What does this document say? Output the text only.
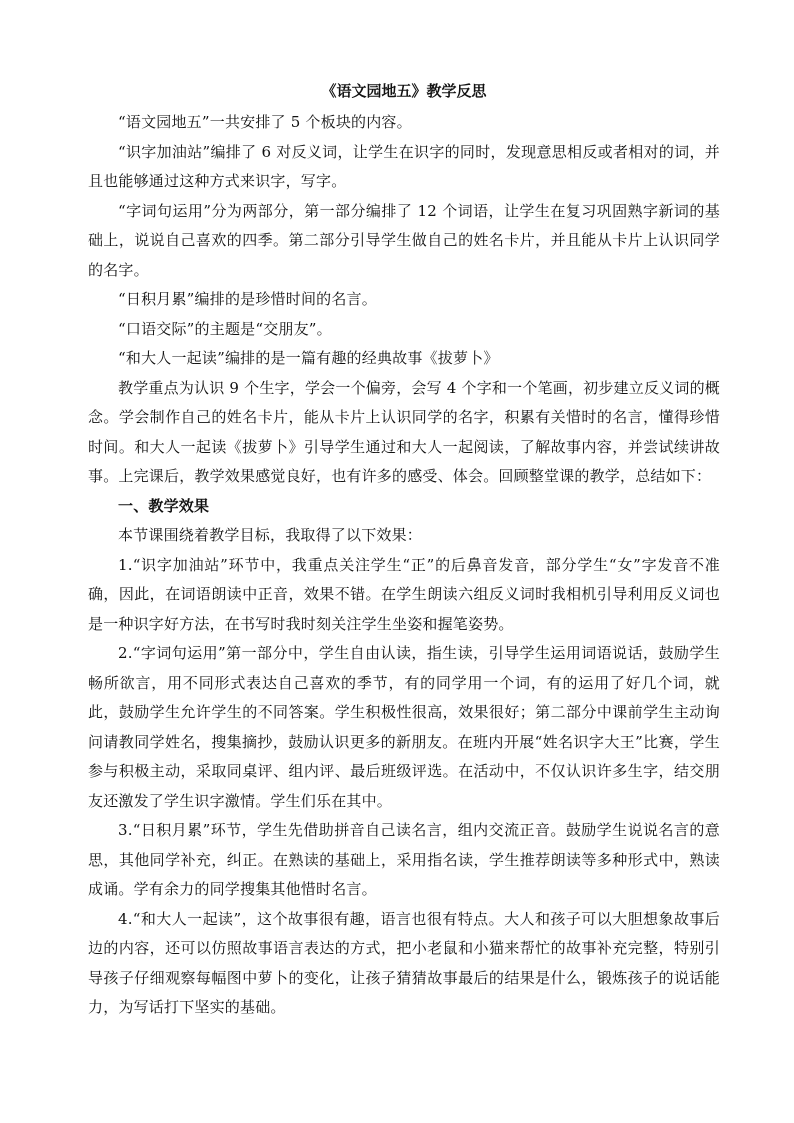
《语文园地五》教学反思

“语文园地五”一共安排了 5 个板块的内容。

“识字加油站”编排了 6 对反义词，让学生在识字的同时，发现意思相反或者相对的词，并且也能够通过这种方式来识字，写字。

“字词句运用”分为两部分，第一部分编排了 12 个词语，让学生在复习巩固熟字新词的基础上，说说自己喜欢的四季。第二部分引导学生做自己的姓名卡片，并且能从卡片上认识同学的名字。

“日积月累”编排的是珍惜时间的名言。

“口语交际”的主题是“交朋友”。

“和大人一起读”编排的是一篇有趣的经典故事《拔萝卜》

教学重点为认识 9 个生字，学会一个偏旁，会写 4 个字和一个笔画，初步建立反义词的概念。学会制作自己的姓名卡片，能从卡片上认识同学的名字，积累有关惜时的名言，懂得珍惜时间。和大人一起读《拔萝卜》引导学生通过和大人一起阅读，了解故事内容，并尝试续讲故事。上完课后，教学效果感觉良好，也有许多的感受、体会。回顾整堂课的教学，总结如下：

一、教学效果

本节课围绕着教学目标，我取得了以下效果：

1.“识字加油站”环节中，我重点关注学生“正”的后鼻音发音，部分学生“女”字发音不准确，因此，在词语朗读中正音，效果不错。在学生朗读六组反义词时我相机引导利用反义词也是一种识字好方法，在书写时我时刻关注学生坐姿和握笔姿势。

2.“字词句运用”第一部分中，学生自由认读，指生读，引导学生运用词语说话，鼓励学生畅所欲言，用不同形式表达自己喜欢的季节，有的同学用一个词，有的运用了好几个词，就此，鼓励学生允许学生的不同答案。学生积极性很高，效果很好；第二部分中课前学生主动询问请教同学姓名，搜集摘抄，鼓励认识更多的新朋友。在班内开展“姓名识字大王”比赛，学生参与积极主动，采取同桌评、组内评、最后班级评选。在活动中，不仅认识许多生字，结交朋友还激发了学生识字激情。学生们乐在其中。

3.“日积月累”环节，学生先借助拼音自己读名言，组内交流正音。鼓励学生说说名言的意思，其他同学补充，纠正。在熟读的基础上，采用指名读，学生推荐朗读等多种形式中，熟读成诵。学有余力的同学搜集其他惜时名言。

4.“和大人一起读”，这个故事很有趣，语言也很有特点。大人和孩子可以大胆想象故事后边的内容，还可以仿照故事语言表达的方式，把小老鼠和小猫来帮忙的故事补充完整，特别引导孩子仔细观察每幅图中萝卜的变化，让孩子猜猜故事最后的结果是什么，锻炼孩子的说话能力，为写话打下坚实的基础。
